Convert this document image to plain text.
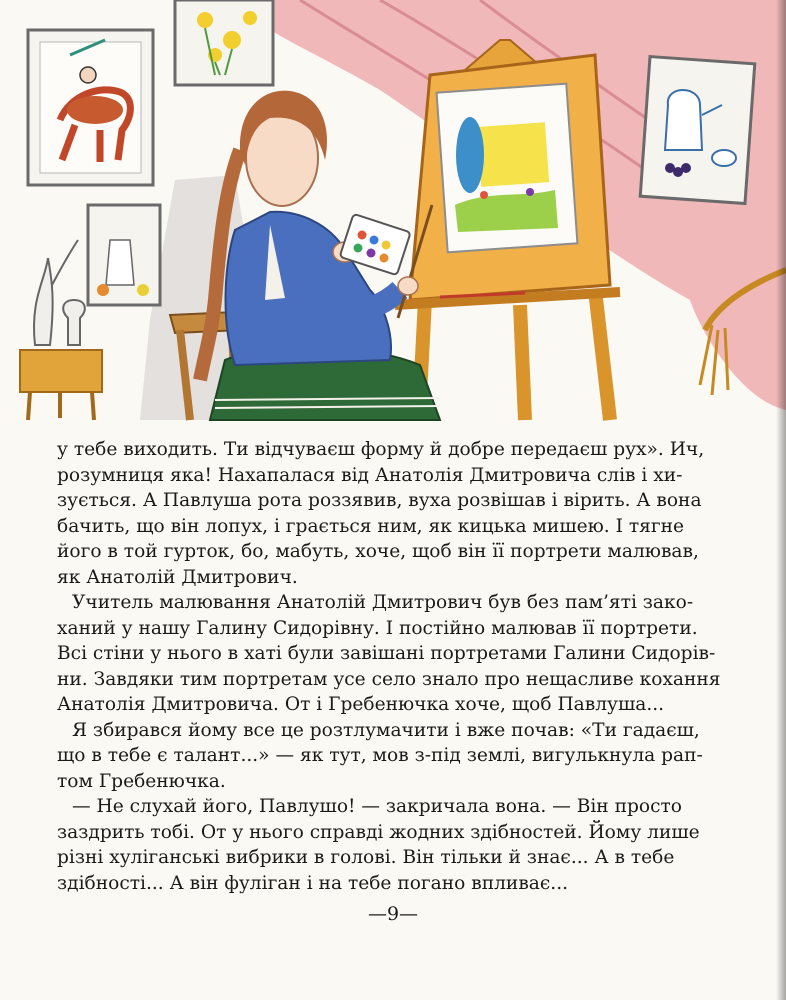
у тебе виходить. Ти відчуваєш форму й добре передаєш рух». Ич,
розумниця яка! Нахапалася від Анатолія Дмитровича слів і хи-
зується. А Павлуша рота роззявив, вуха розвішав і вірить. А вона
бачить, що він лопух, і грається ним, як кицька мишею. І тягне
його в той гурток, бо, мабуть, хоче, щоб він її портрети малював,
як Анатолій Дмитрович.

Учитель малювання Анатолій Дмитрович був без пам’яті зако-
ханий у нашу Галину Сидорівну. І постійно малював її портрети.
Всі стіни у нього в хаті були завішані портретами Галини Сидорів-
ни. Завдяки тим портретам усе село знало про нещасливе кохання
Анатолія Дмитровича. От і Гребенючка хоче, щоб Павлуша...

Я збирався йому все це розтлумачити і вже почав: «Ти гадаєш,
що в тебе є талант...» — як тут, мов з-під землі, вигулькнула рап-
том Гребенючка.

— Не слухай його, Павлушо! — закричала вона. — Він просто
заздрить тобі. От у нього справді жодних здібностей. Йому лише
різні хуліганські вибрики в голові. Він тільки й знає... А в тебе
здібності... А він фуліган і на тебе погано впливає...

—9—
